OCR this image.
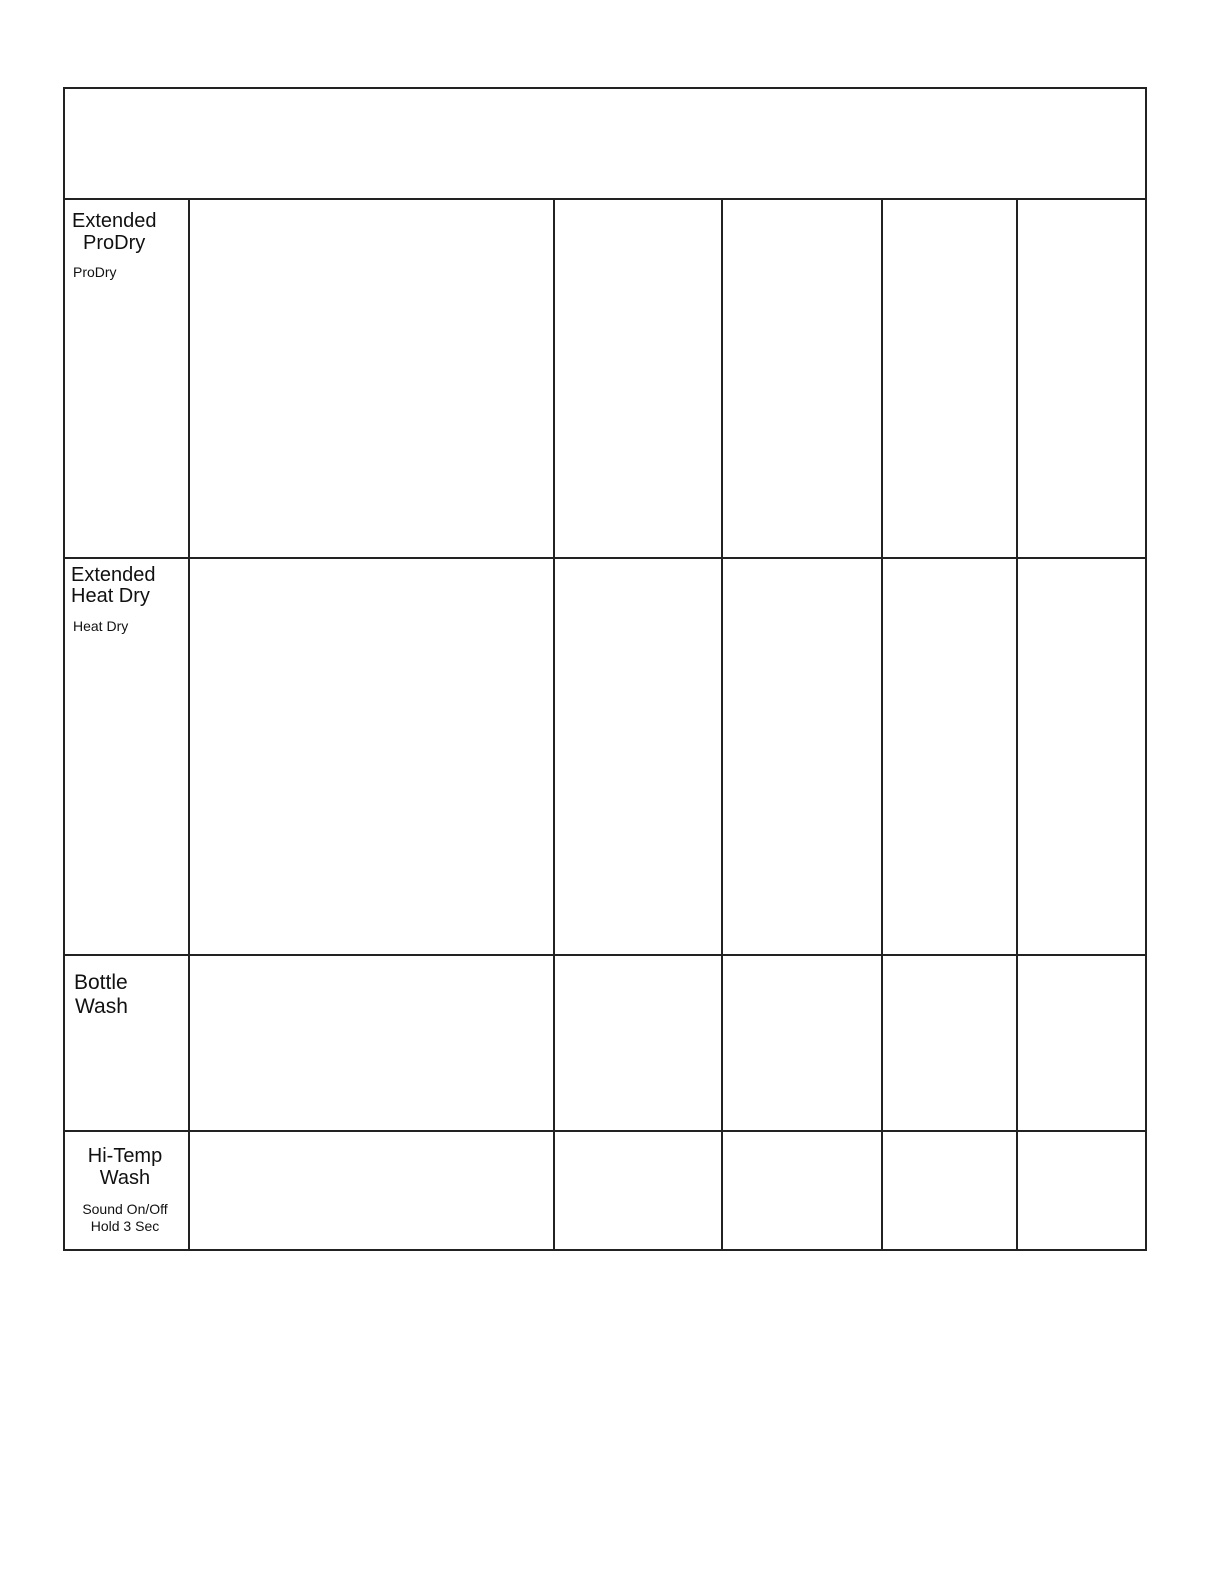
Extended
ProDry
ProDry
Extended
Heat Dry
Heat Dry
Bottle
Wash
Hi-Temp
Wash
Sound On/Off
Hold 3 Sec
